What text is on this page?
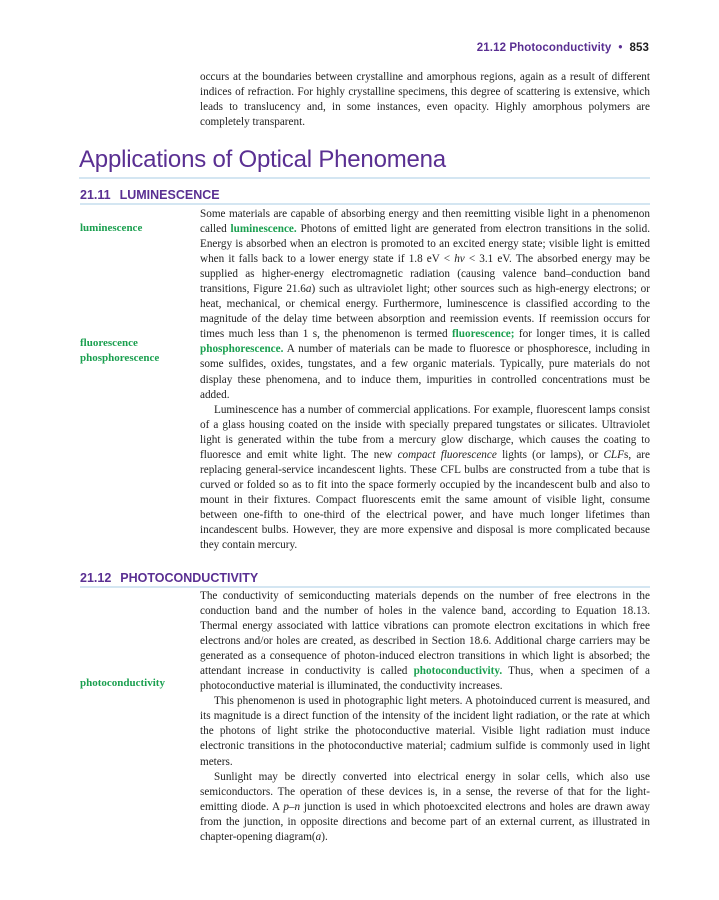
21.12 Photoconductivity • 853

occurs at the boundaries between crystalline and amorphous regions, again as a result of different indices of refraction. For highly crystalline specimens, this degree of scattering is extensive, which leads to translucency and, in some instances, even opacity. Highly amorphous polymers are completely transparent.

Applications of Optical Phenomena
21.11 LUMINESCENCE
luminescence
fluorescence
phosphorescence

Some materials are capable of absorbing energy and then reemitting visible light in a phenomenon called luminescence. Photons of emitted light are generated from electron transitions in the solid. Energy is absorbed when an electron is promoted to an excited energy state; visible light is emitted when it falls back to a lower energy state if 1.8 eV < hν < 3.1 eV. The absorbed energy may be supplied as higher-energy electromagnetic radiation (causing valence band–conduction band transitions, Figure 21.6a) such as ultraviolet light; other sources such as high-energy electrons; or heat, mechanical, or chemical energy. Furthermore, luminescence is classified according to the magnitude of the delay time between absorption and reemission events. If reemission occurs for times much less than 1 s, the phenomenon is termed fluorescence; for longer times, it is called phosphorescence. A number of materials can be made to fluoresce or phosphoresce, including in some sulfides, oxides, tungstates, and a few organic materials. Typically, pure materials do not display these phenomena, and to induce them, impurities in controlled concentrations must be added.

Luminescence has a number of commercial applications. For example, fluorescent lamps consist of a glass housing coated on the inside with specially prepared tungstates or silicates. Ultraviolet light is generated within the tube from a mercury glow discharge, which causes the coating to fluoresce and emit white light. The new compact fluorescence lights (or lamps), or CLFs, are replacing general-service incandescent lights. These CFL bulbs are constructed from a tube that is curved or folded so as to fit into the space formerly occupied by the incandescent bulb and also to mount in their fixtures. Compact fluorescents emit the same amount of visible light, consume between one-fifth to one-third of the electrical power, and have much longer lifetimes than incandescent bulbs. However, they are more expensive and disposal is more complicated because they contain mercury.

21.12 PHOTOCONDUCTIVITY
photoconductivity

The conductivity of semiconducting materials depends on the number of free electrons in the conduction band and the number of holes in the valence band, according to Equation 18.13. Thermal energy associated with lattice vibrations can promote electron excitations in which free electrons and/or holes are created, as described in Section 18.6. Additional charge carriers may be generated as a consequence of photon-induced electron transitions in which light is absorbed; the attendant increase in conductivity is called photoconductivity. Thus, when a specimen of a photoconductive material is illuminated, the conductivity increases.

This phenomenon is used in photographic light meters. A photoinduced current is measured, and its magnitude is a direct function of the intensity of the incident light radiation, or the rate at which the photons of light strike the photoconductive material. Visible light radiation must induce electronic transitions in the photoconductive material; cadmium sulfide is commonly used in light meters.

Sunlight may be directly converted into electrical energy in solar cells, which also use semiconductors. The operation of these devices is, in a sense, the reverse of that for the light-emitting diode. A p–n junction is used in which photoexcited electrons and holes are drawn away from the junction, in opposite directions and become part of an external current, as illustrated in chapter-opening diagram(a).
